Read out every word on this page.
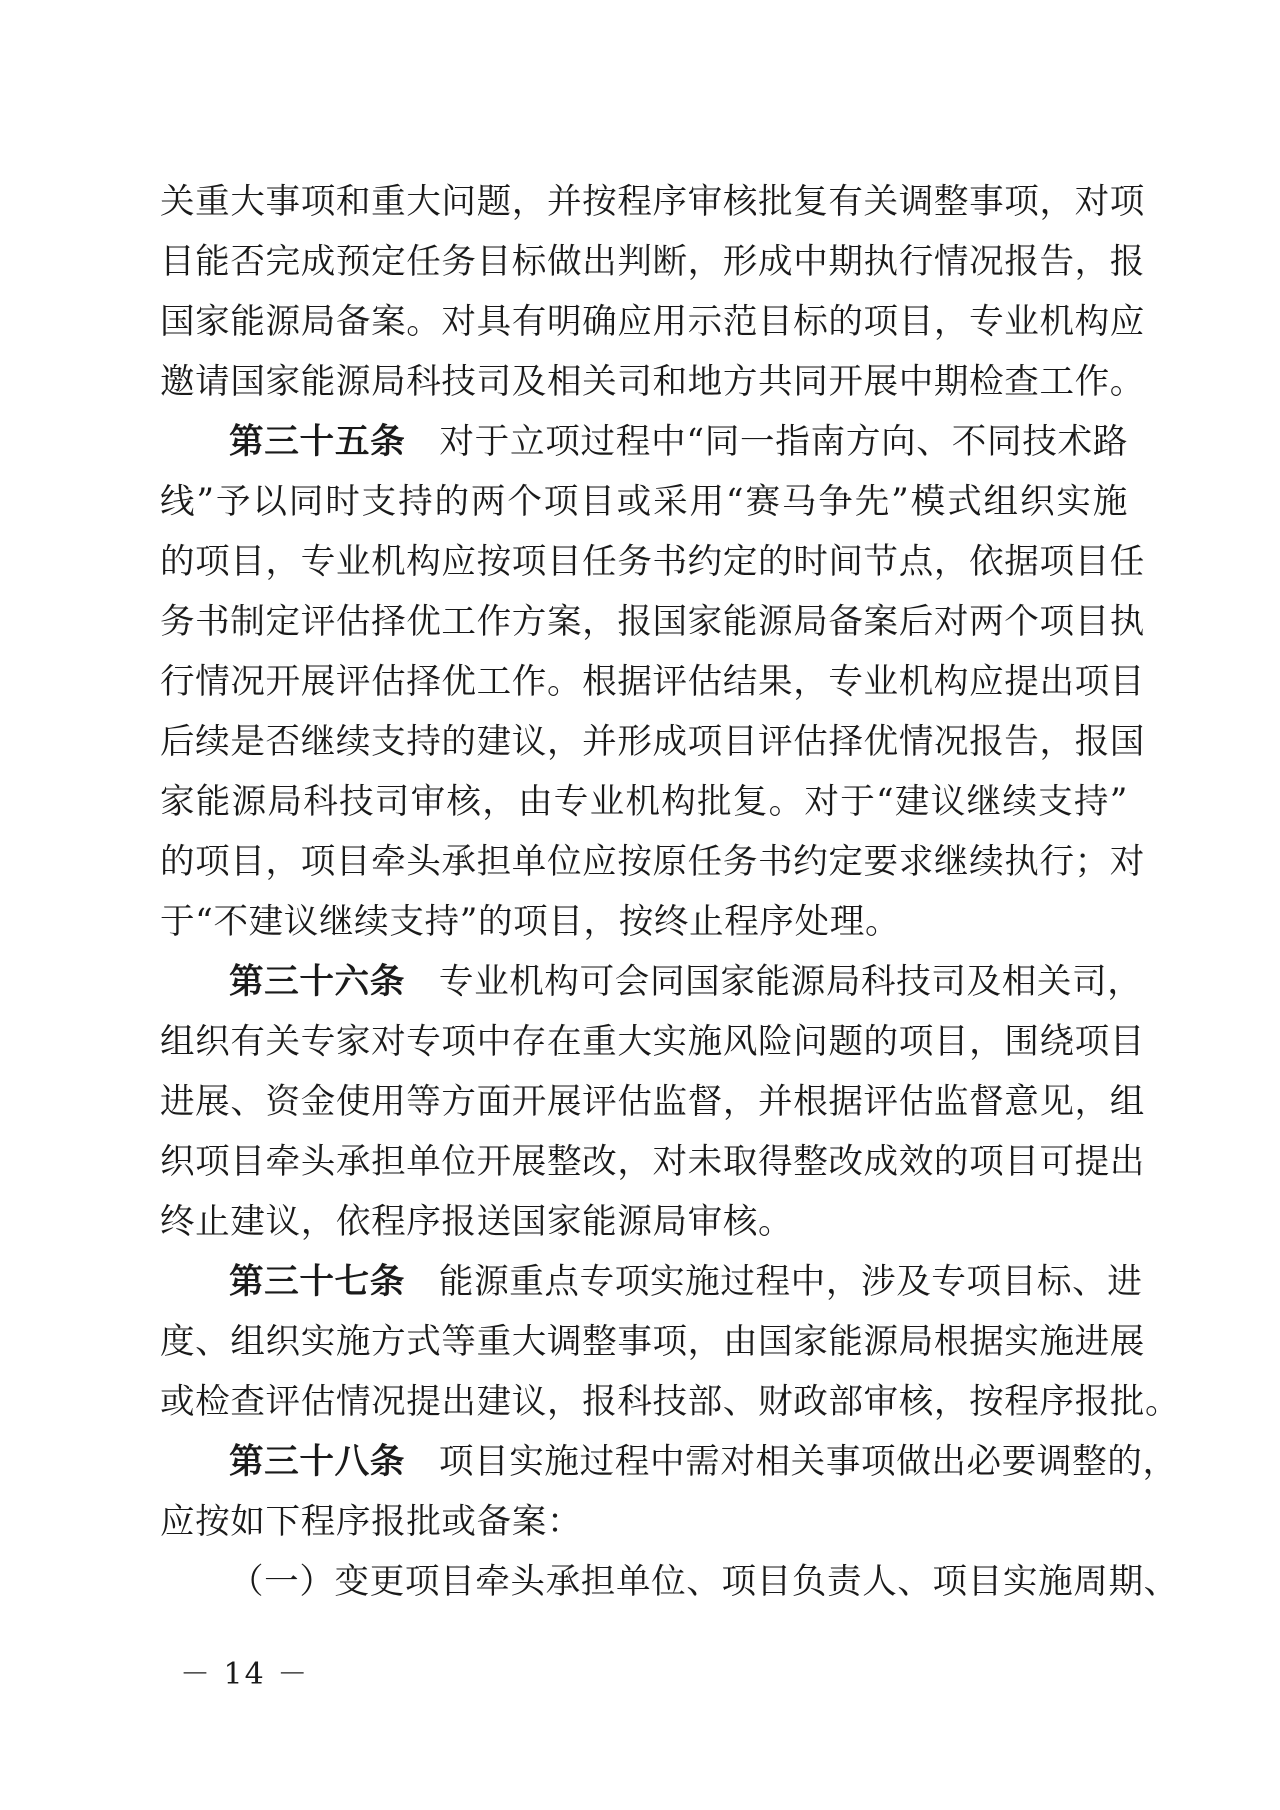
关重大事项和重大问题，并按程序审核批复有关调整事项，对项
目能否完成预定任务目标做出判断，形成中期执行情况报告，报
国家能源局备案。对具有明确应用示范目标的项目，专业机构应
邀请国家能源局科技司及相关司和地方共同开展中期检查工作。
第三十五条 对于立项过程中“同一指南方向、不同技术路
线”予以同时支持的两个项目或采用“赛马争先”模式组织实施
的项目，专业机构应按项目任务书约定的时间节点，依据项目任
务书制定评估择优工作方案，报国家能源局备案后对两个项目执
行情况开展评估择优工作。根据评估结果，专业机构应提出项目
后续是否继续支持的建议，并形成项目评估择优情况报告，报国
家能源局科技司审核，由专业机构批复。对于“建议继续支持”
的项目，项目牵头承担单位应按原任务书约定要求继续执行；对
于“不建议继续支持”的项目，按终止程序处理。
第三十六条 专业机构可会同国家能源局科技司及相关司，
组织有关专家对专项中存在重大实施风险问题的项目，围绕项目
进展、资金使用等方面开展评估监督，并根据评估监督意见，组
织项目牵头承担单位开展整改，对未取得整改成效的项目可提出
终止建议，依程序报送国家能源局审核。
第三十七条 能源重点专项实施过程中，涉及专项目标、进
度、组织实施方式等重大调整事项，由国家能源局根据实施进展
或检查评估情况提出建议，报科技部、财政部审核，按程序报批。
第三十八条 项目实施过程中需对相关事项做出必要调整的，
应按如下程序报批或备案：
（一）变更项目牵头承担单位、项目负责人、项目实施周期、
－ 14 －
